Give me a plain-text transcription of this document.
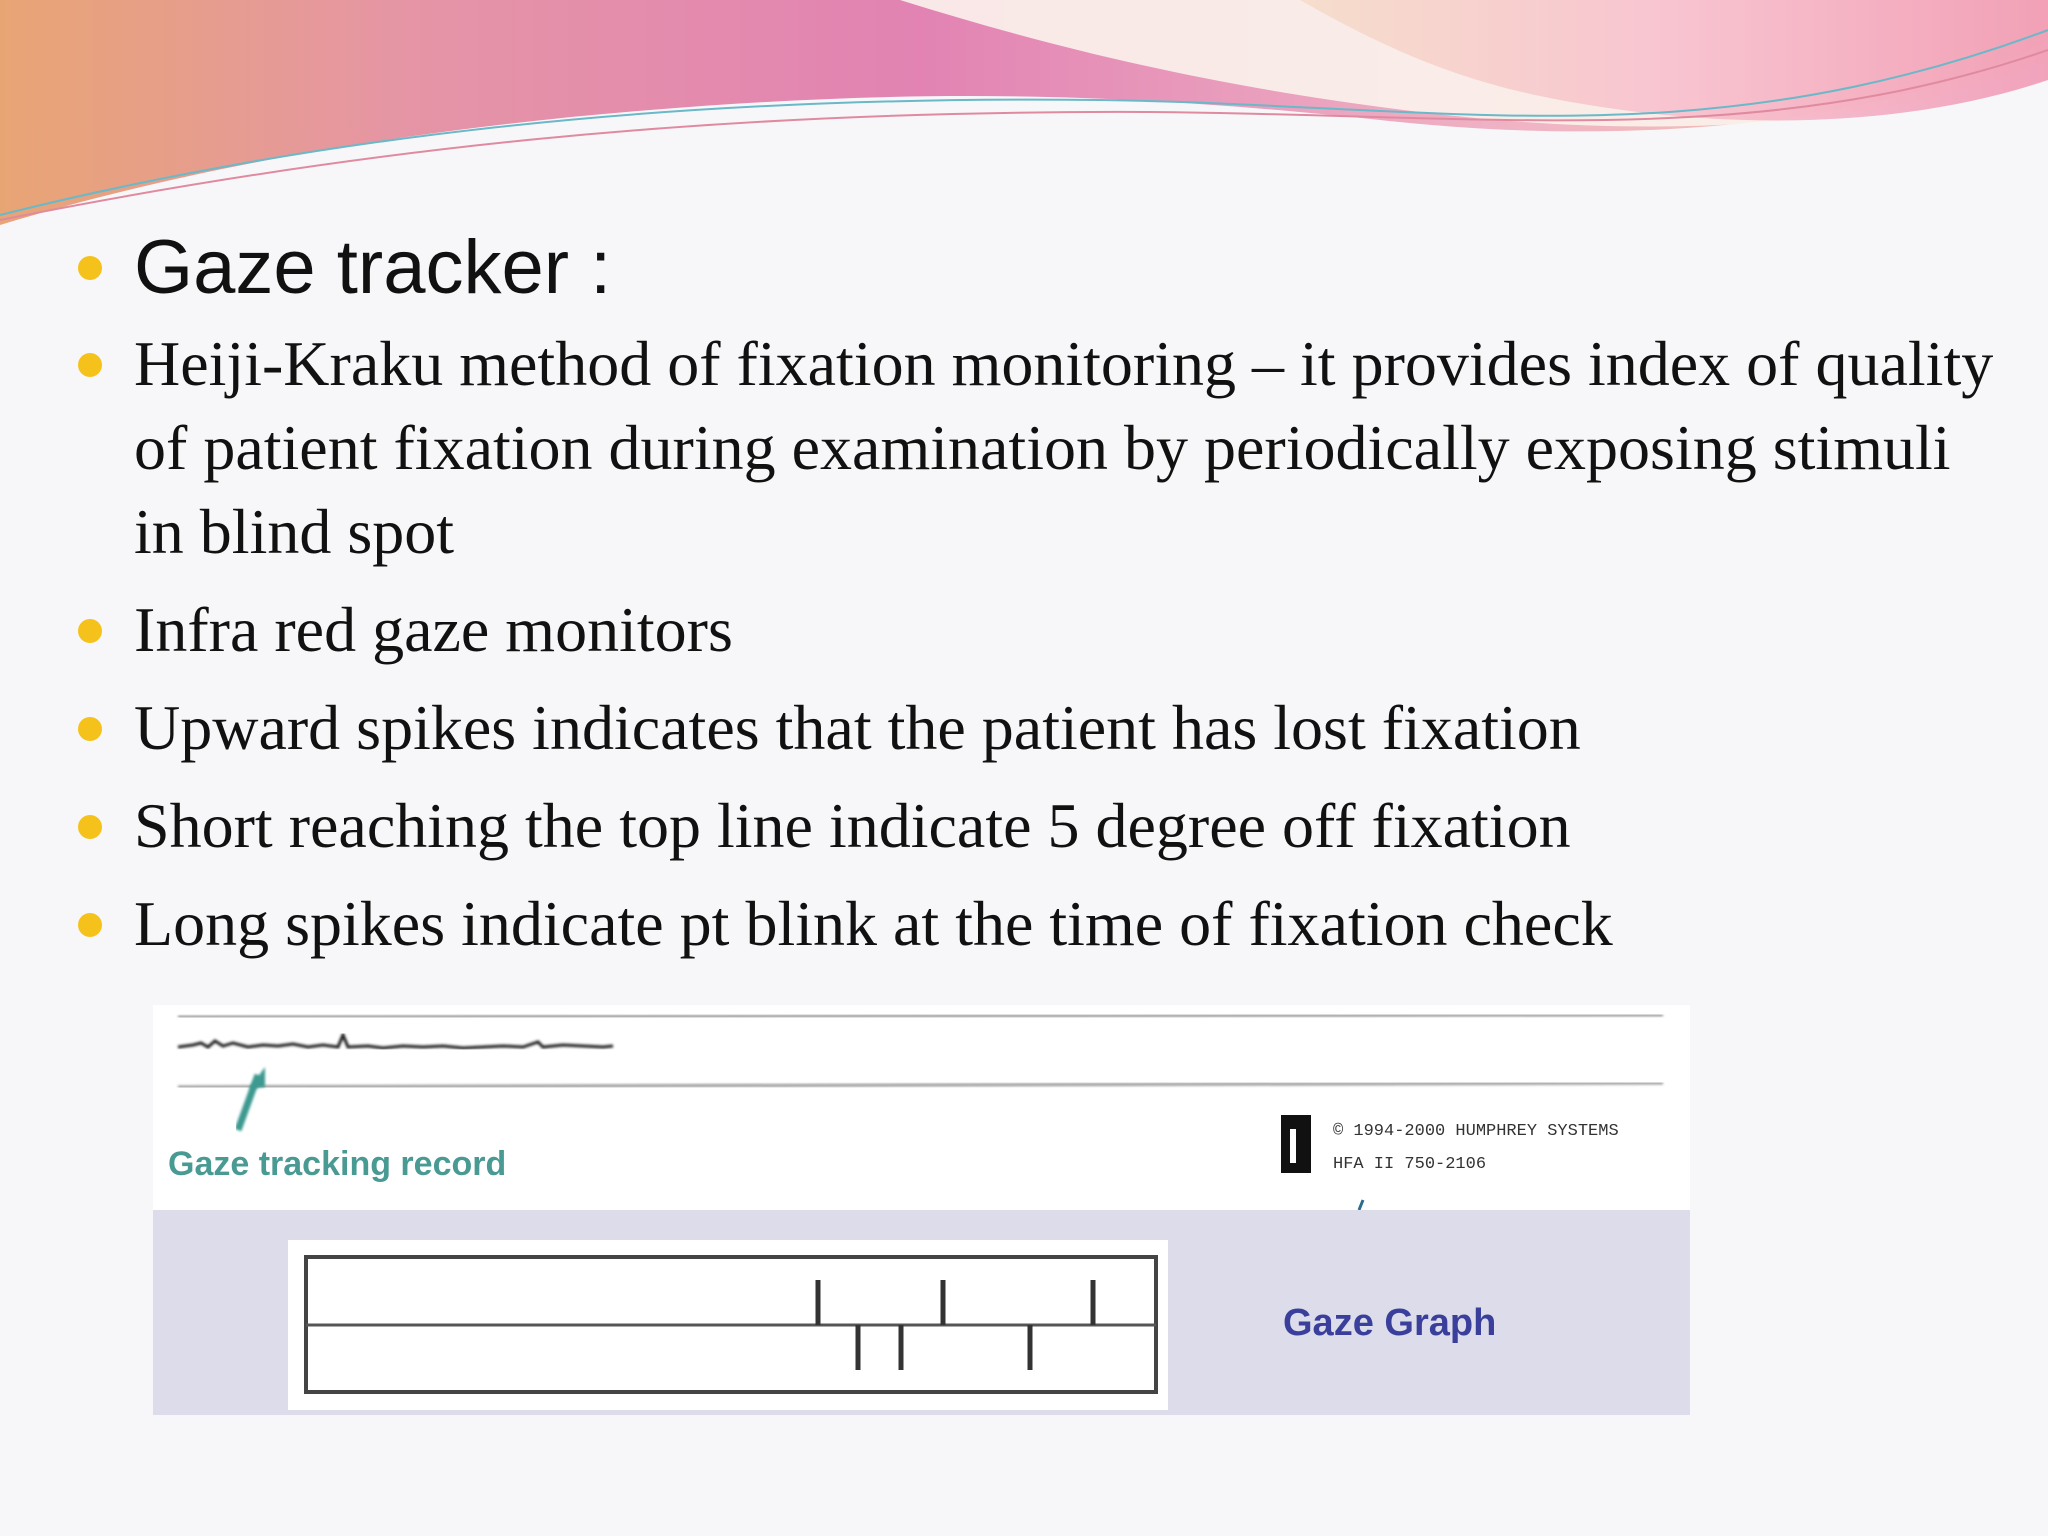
Gaze tracker :
Heiji-Kraku method of fixation monitoring – it provides index of quality of patient fixation during examination by periodically exposing stimuli in blind spot
Infra red gaze monitors
Upward spikes indicates that the patient has lost fixation
Short reaching the top line indicate 5 degree off fixation
Long spikes indicate pt blink at the time of fixation check
Gaze tracking record
© 1994-2000 HUMPHREY SYSTEMS
HFA II 750-2106
Gaze Graph
